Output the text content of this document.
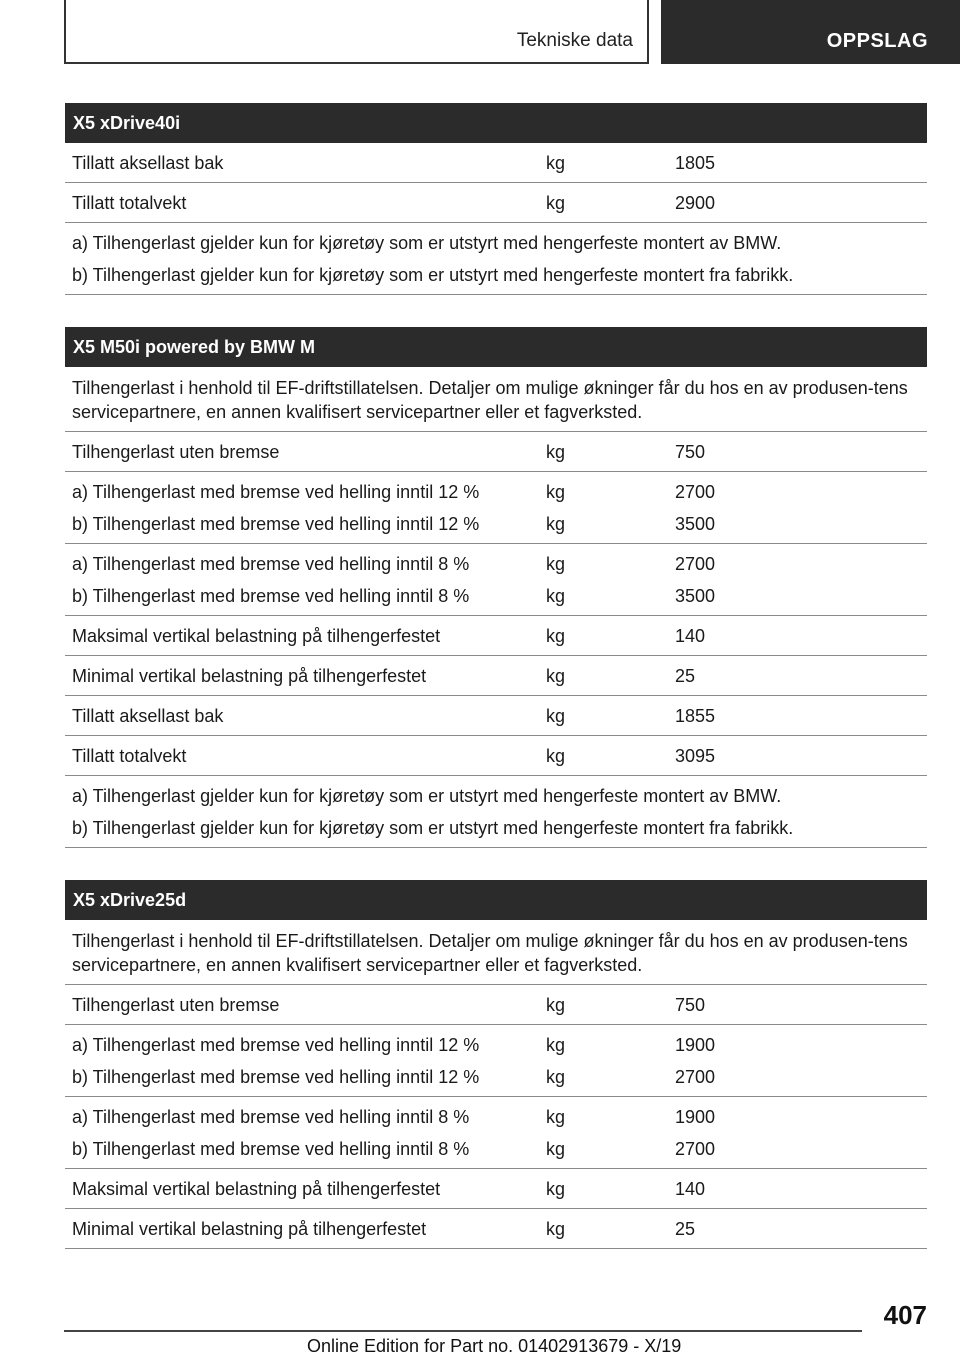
Tekniske data	OPPSLAG
X5 xDrive40i
Tillatt aksellast bak	kg	1805
Tillatt totalvekt	kg	2900
a) Tilhengerlast gjelder kun for kjøretøy som er utstyrt med hengerfeste montert av BMW.
b) Tilhengerlast gjelder kun for kjøretøy som er utstyrt med hengerfeste montert fra fabrikk.
X5 M50i powered by BMW M
Tilhengerlast i henhold til EF-driftstillatelsen. Detaljer om mulige økninger får du hos en av produsen-tens servicepartnere, en annen kvalifisert servicepartner eller et fagverksted.
Tilhengerlast uten bremse	kg	750
a) Tilhengerlast med bremse ved helling inntil 12 %	kg	2700
b) Tilhengerlast med bremse ved helling inntil 12 %	kg	3500
a) Tilhengerlast med bremse ved helling inntil 8 %	kg	2700
b) Tilhengerlast med bremse ved helling inntil 8 %	kg	3500
Maksimal vertikal belastning på tilhengerfestet	kg	140
Minimal vertikal belastning på tilhengerfestet	kg	25
Tillatt aksellast bak	kg	1855
Tillatt totalvekt	kg	3095
a) Tilhengerlast gjelder kun for kjøretøy som er utstyrt med hengerfeste montert av BMW.
b) Tilhengerlast gjelder kun for kjøretøy som er utstyrt med hengerfeste montert fra fabrikk.
X5 xDrive25d
Tilhengerlast i henhold til EF-driftstillatelsen. Detaljer om mulige økninger får du hos en av produsen-tens servicepartnere, en annen kvalifisert servicepartner eller et fagverksted.
Tilhengerlast uten bremse	kg	750
a) Tilhengerlast med bremse ved helling inntil 12 %	kg	1900
b) Tilhengerlast med bremse ved helling inntil 12 %	kg	2700
a) Tilhengerlast med bremse ved helling inntil 8 %	kg	1900
b) Tilhengerlast med bremse ved helling inntil 8 %	kg	2700
Maksimal vertikal belastning på tilhengerfestet	kg	140
Minimal vertikal belastning på tilhengerfestet	kg	25
407
Online Edition for Part no. 01402913679 - X/19
